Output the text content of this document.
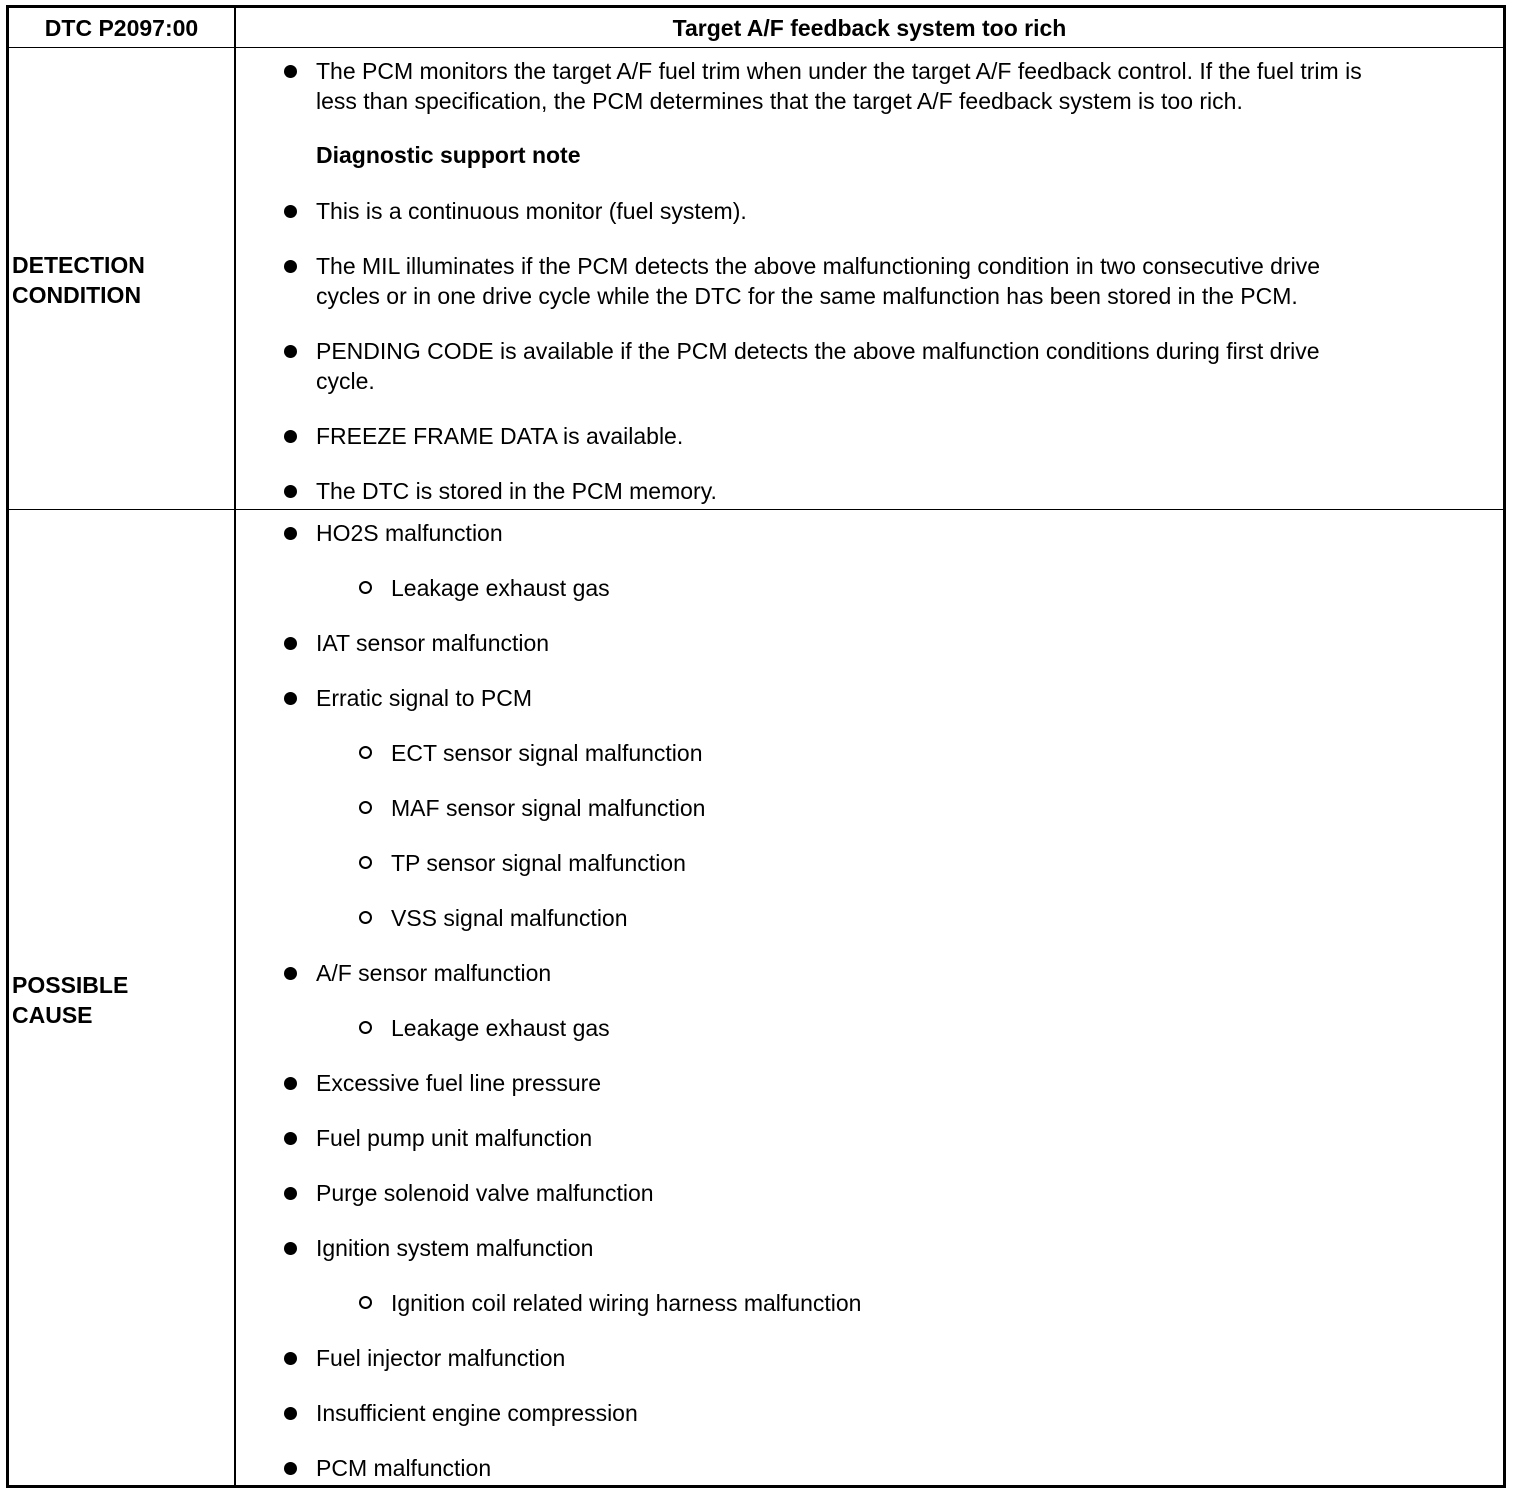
DTC P2097:00	Target A/F feedback system too rich
DETECTION
CONDITION
The PCM monitors the target A/F fuel trim when under the target A/F feedback control. If the fuel trim is
less than specification, the PCM determines that the target A/F feedback system is too rich.
Diagnostic support note
This is a continuous monitor (fuel system).
The MIL illuminates if the PCM detects the above malfunctioning condition in two consecutive drive
cycles or in one drive cycle while the DTC for the same malfunction has been stored in the PCM.
PENDING CODE is available if the PCM detects the above malfunction conditions during first drive
cycle.
FREEZE FRAME DATA is available.
The DTC is stored in the PCM memory.
POSSIBLE
CAUSE
HO2S malfunction
Leakage exhaust gas
IAT sensor malfunction
Erratic signal to PCM
ECT sensor signal malfunction
MAF sensor signal malfunction
TP sensor signal malfunction
VSS signal malfunction
A/F sensor malfunction
Leakage exhaust gas
Excessive fuel line pressure
Fuel pump unit malfunction
Purge solenoid valve malfunction
Ignition system malfunction
Ignition coil related wiring harness malfunction
Fuel injector malfunction
Insufficient engine compression
PCM malfunction
